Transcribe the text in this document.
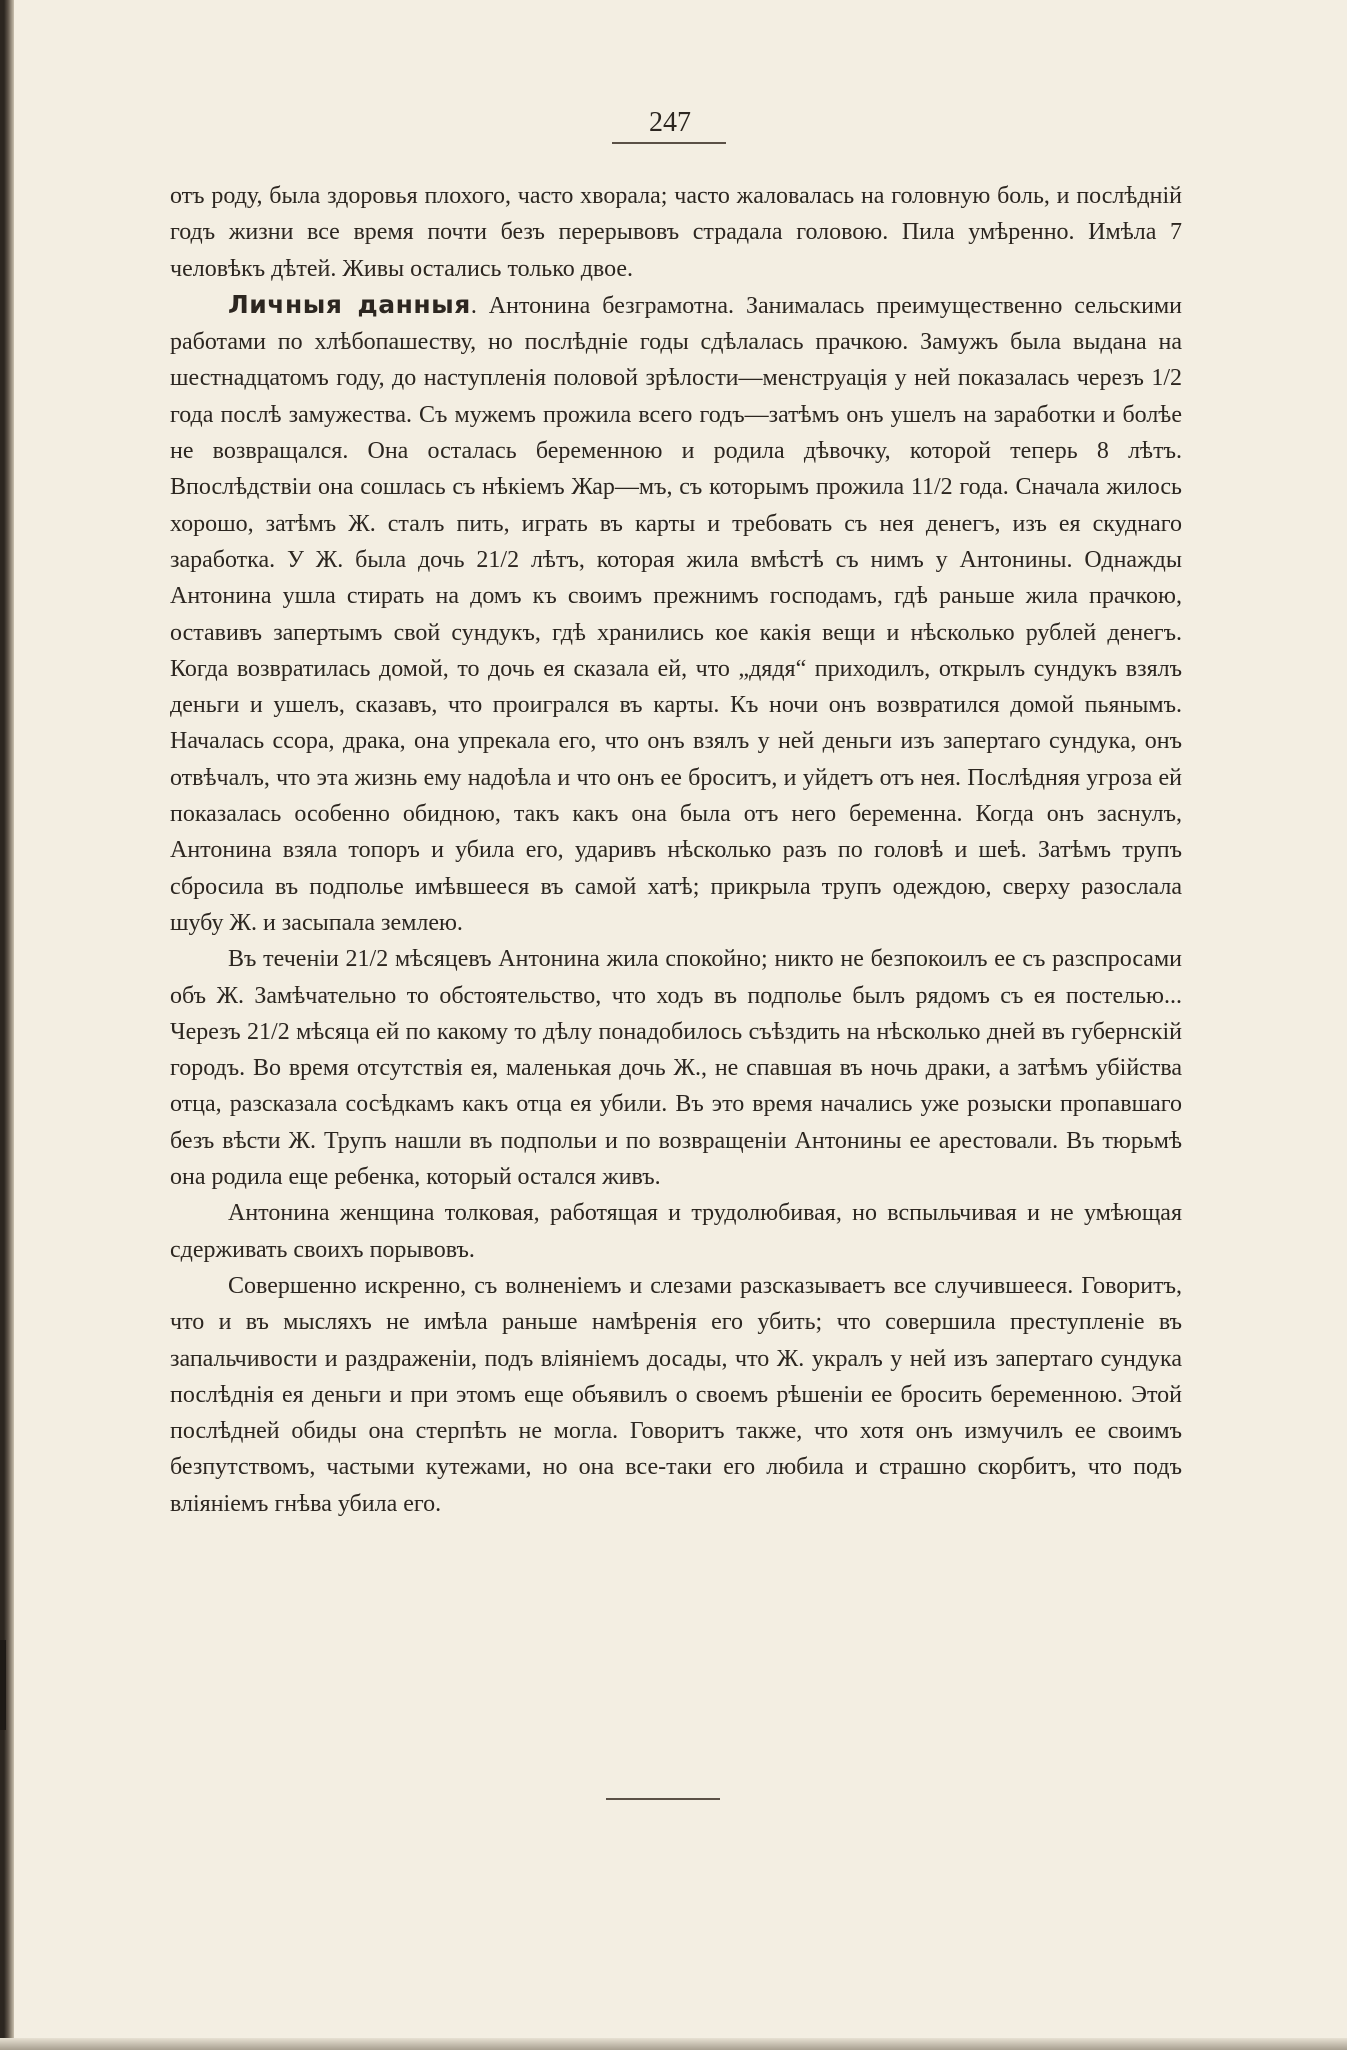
247

отъ роду, была здоровья плохого, часто хворала; часто жаловалась на головную боль, и послѣднiй годъ жизни все время почти безъ перерывовъ страдала головою. Пила умѣренно. Имѣла 7 человѣкъ дѣтей. Живы остались только двое.

Личныя данныя. Антонина безграмотна. Занималась преимущественно сельскими работами по хлѣбопашеству, но послѣднiе годы сдѣлалась прачкою. Замужъ была выдана на шестнадцатомъ году, до наступленiя половой зрѣлости—менструацiя у ней показалась черезъ 1/2 года послѣ замужества. Съ мужемъ прожила всего годъ—затѣмъ онъ ушелъ на заработки и болѣе не возвращался. Она осталась беременною и родила дѣвочку, которой теперь 8 лѣтъ. Впослѣдствiи она сошлась съ нѣкiемъ Жар—мъ, съ которымъ прожила 11/2 года. Сначала жилось хорошо, затѣмъ Ж. сталъ пить, играть въ карты и требовать съ нея денегъ, изъ ея скуднаго заработка. У Ж. была дочь 21/2 лѣтъ, которая жила вмѣстѣ съ нимъ у Антонины. Однажды Антонина ушла стирать на домъ къ своимъ прежнимъ господамъ, гдѣ раньше жила прачкою, оставивъ запертымъ свой сундукъ, гдѣ хранились кое какiя вещи и нѣсколько рублей денегъ. Когда возвратилась домой, то дочь ея сказала ей, что „дядя“ приходилъ, открылъ сундукъ взялъ деньги и ушелъ, сказавъ, что проигрался въ карты. Къ ночи онъ возвратился домой пьянымъ. Началась ссора, драка, она упрекала его, что онъ взялъ у ней деньги изъ запертаго сундука, онъ отвѣчалъ, что эта жизнь ему надоѣла и что онъ ее броситъ, и уйдетъ отъ нея. Послѣдняя угроза ей показалась особенно обидною, такъ какъ она была отъ него беременна. Когда онъ заснулъ, Антонина взяла топоръ и убила его, ударивъ нѣсколько разъ по головѣ и шеѣ. Затѣмъ трупъ сбросила въ подполье имѣвшееся въ самой хатѣ; прикрыла трупъ одеждою, сверху разослала шубу Ж. и засыпала землею.

Въ теченiи 21/2 мѣсяцевъ Антонина жила спокойно; никто не безпокоилъ ее съ разспросами объ Ж. Замѣчательно то обстоятельство, что ходъ въ подполье былъ рядомъ съ ея постелью... Черезъ 21/2 мѣсяца ей по какому то дѣлу понадобилось съѣздить на нѣсколько дней въ губернскiй городъ. Во время отсутствiя ея, маленькая дочь Ж., не спавшая въ ночь драки, а затѣмъ убiйства отца, разсказала сосѣдкамъ какъ отца ея убили. Въ это время начались уже розыски пропавшаго безъ вѣсти Ж. Трупъ нашли въ подпольи и по возвращенiи Антонины ее арестовали. Въ тюрьмѣ она родила еще ребенка, который остался живъ.

Антонина женщина толковая, работящая и трудолюбивая, но вспыльчивая и не умѣющая сдерживать своихъ порывовъ.

Совершенно искренно, съ волненiемъ и слезами разсказываетъ все случившееся. Говоритъ, что и въ мысляхъ не имѣла раньше намѣренiя его убить; что совершила преступленiе въ запальчивости и раздраженiи, подъ влiянiемъ досады, что Ж. укралъ у ней изъ запертаго сундука послѣднiя ея деньги и при этомъ еще объявилъ о своемъ рѣшенiи ее бросить беременною. Этой послѣдней обиды она стерпѣть не могла. Говоритъ также, что хотя онъ измучилъ ее своимъ безпутствомъ, частыми кутежами, но она все-таки его любила и страшно скорбитъ, что подъ влiянiемъ гнѣва убила его.
